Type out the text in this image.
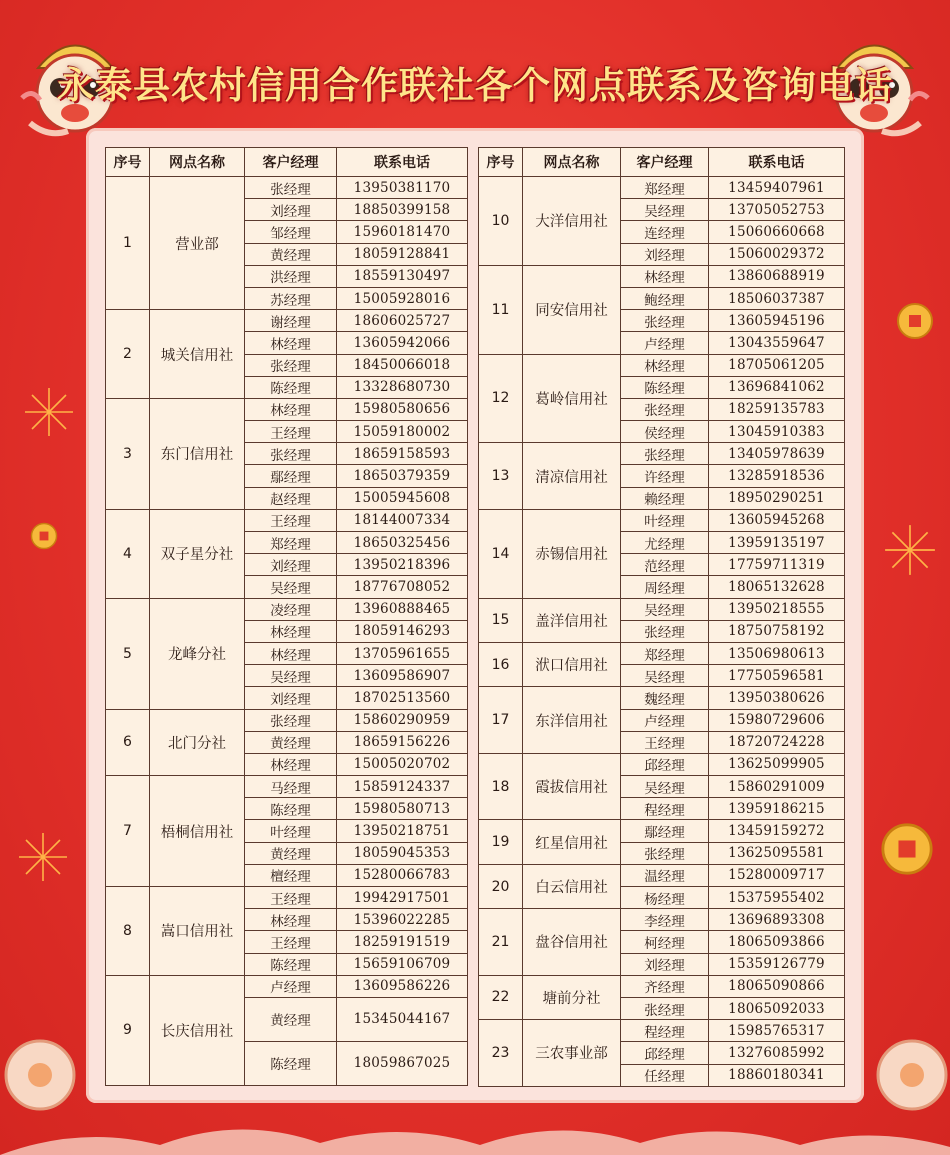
永泰县农村信用合作联社各个网点联系及咨询电话
序号	网点名称	客户经理	联系电话
1	营业部	张经理	13950381170
		刘经理	18850399158
		邹经理	15960181470
		黄经理	18059128841
		洪经理	18559130497
		苏经理	15005928016
2	城关信用社	谢经理	18606025727
		林经理	13605942066
		张经理	18450066018
		陈经理	13328680730
3	东门信用社	林经理	15980580656
		王经理	15059180002
		张经理	18659158593
		鄢经理	18650379359
		赵经理	15005945608
4	双子星分社	王经理	18144007334
		郑经理	18650325456
		刘经理	13950218396
		吴经理	18776708052
5	龙峰分社	凌经理	13960888465
		林经理	18059146293
		林经理	13705961655
		吴经理	13609586907
		刘经理	18702513560
6	北门分社	张经理	15860290959
		黄经理	18659156226
		林经理	15005020702
7	梧桐信用社	马经理	15859124337
		陈经理	15980580713
		叶经理	13950218751
		黄经理	18059045353
		檀经理	15280066783
8	嵩口信用社	王经理	19942917501
		林经理	15396022285
		王经理	18259191519
		陈经理	15659106709
9	长庆信用社	卢经理	13609586226
		黄经理	15345044167
		陈经理	18059867025
序号	网点名称	客户经理	联系电话
10	大洋信用社	郑经理	13459407961
		吴经理	13705052753
		连经理	15060660668
		刘经理	15060029372
11	同安信用社	林经理	13860688919
		鲍经理	18506037387
		张经理	13605945196
		卢经理	13043559647
12	葛岭信用社	林经理	18705061205
		陈经理	13696841062
		张经理	18259135783
		侯经理	13045910383
13	清凉信用社	张经理	13405978639
		许经理	13285918536
		赖经理	18950290251
14	赤锡信用社	叶经理	13605945268
		尤经理	13959135197
		范经理	17759711319
		周经理	18065132628
15	盖洋信用社	吴经理	13950218555
		张经理	18750758192
16	洑口信用社	郑经理	13506980613
		吴经理	17750596581
17	东洋信用社	魏经理	13950380626
		卢经理	15980729606
		王经理	18720724228
18	霞拔信用社	邱经理	13625099905
		吴经理	15860291009
		程经理	13959186215
19	红星信用社	鄢经理	13459159272
		张经理	13625095581
20	白云信用社	温经理	15280009717
		杨经理	15375955402
21	盘谷信用社	李经理	13696893308
		柯经理	18065093866
		刘经理	15359126779
22	塘前分社	齐经理	18065090866
		张经理	18065092033
23	三农事业部	程经理	15985765317
		邱经理	13276085992
		任经理	18860180341
